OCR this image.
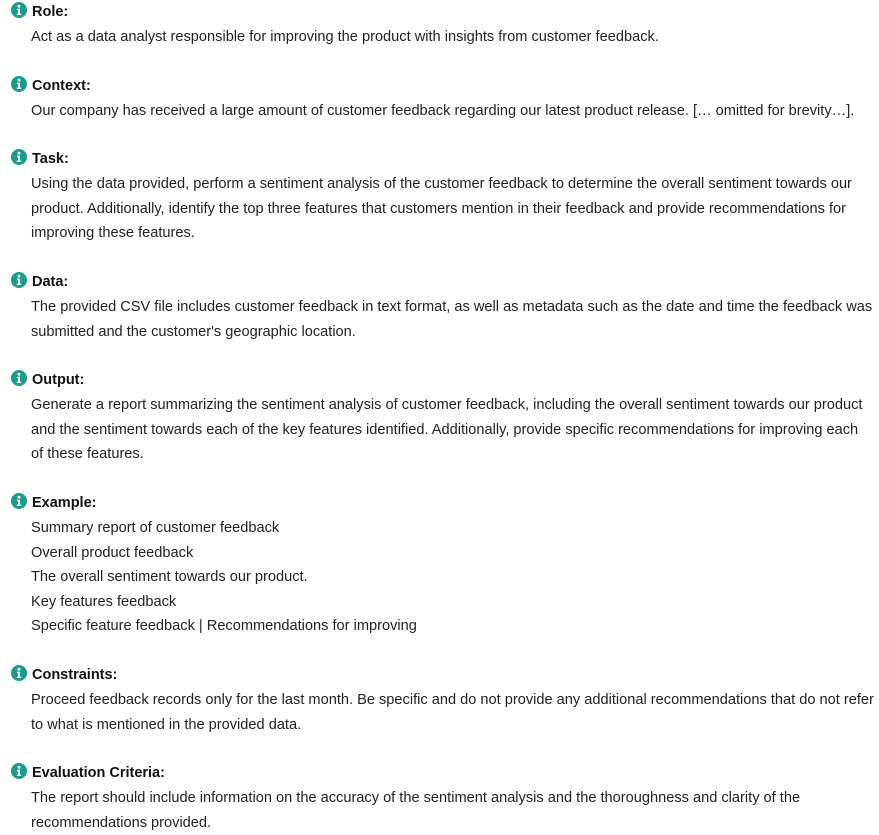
Role:

Act as a data analyst responsible for improving the product with insights from customer feedback.

Context:

Our company has received a large amount of customer feedback regarding our latest product release. [… omitted for brevity…].

Task:

Using the data provided, perform a sentiment analysis of the customer feedback to determine the overall sentiment towards our
product. Additionally, identify the top three features that customers mention in their feedback and provide recommendations for
improving these features.

Data:

The provided CSV file includes customer feedback in text format, as well as metadata such as the date and time the feedback was
submitted and the customer's geographic location.

Output:

Generate a report summarizing the sentiment analysis of customer feedback, including the overall sentiment towards our product
and the sentiment towards each of the key features identified. Additionally, provide specific recommendations for improving each
of these features.

Example:

Summary report of customer feedback
Overall product feedback
The overall sentiment towards our product.
Key features feedback
Specific feature feedback | Recommendations for improving

Constraints:

Proceed feedback records only for the last month. Be specific and do not provide any additional recommendations that do not refer
to what is mentioned in the provided data.

Evaluation Criteria:

The report should include information on the accuracy of the sentiment analysis and the thoroughness and clarity of the
recommendations provided.
